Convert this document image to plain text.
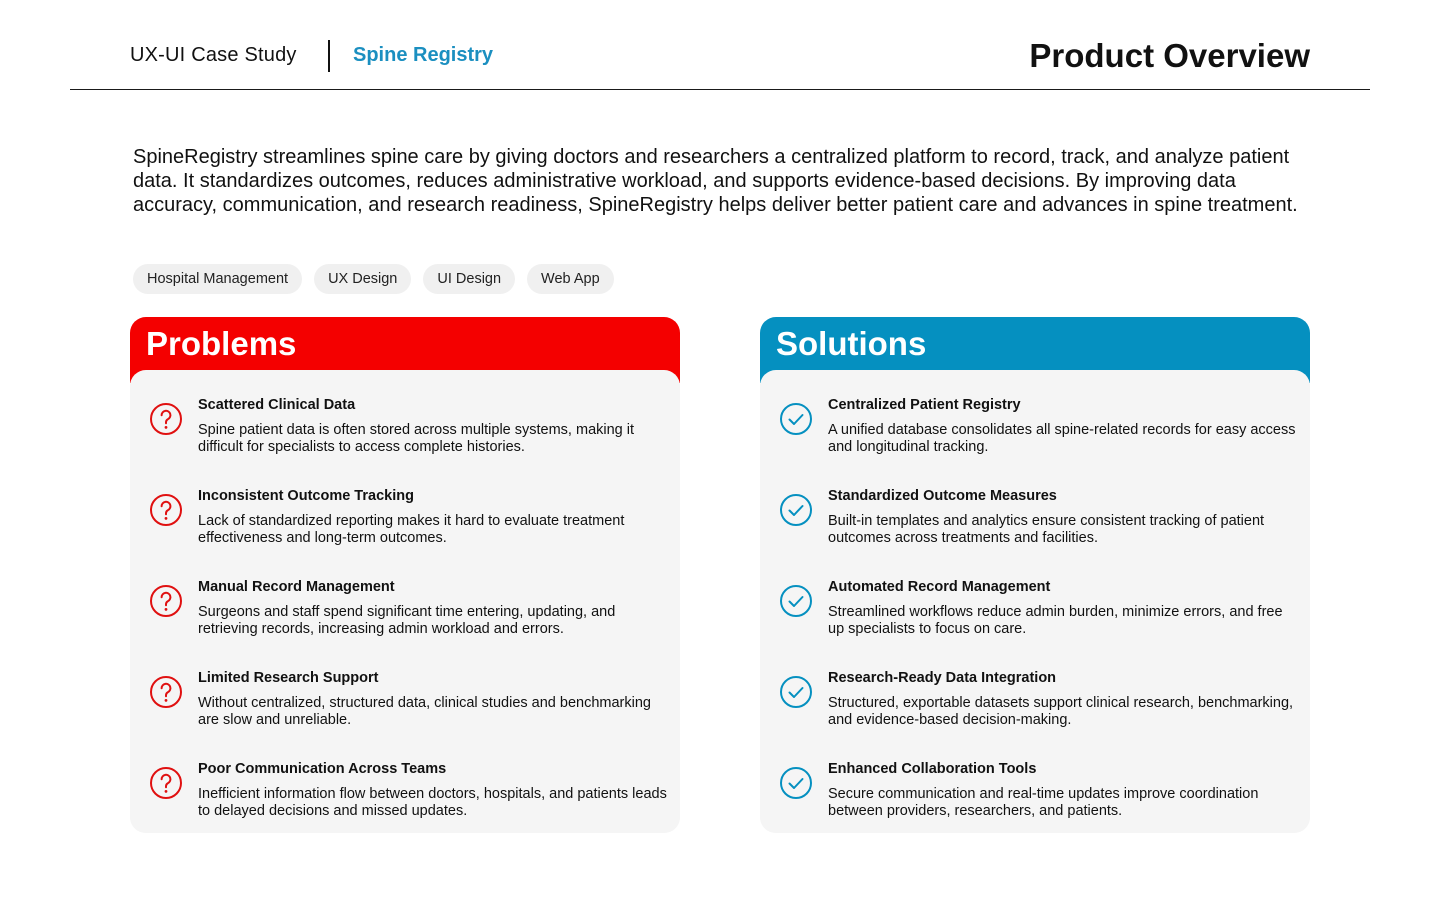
UX-UI Case Study	Spine Registry	Product Overview

SpineRegistry streamlines spine care by giving doctors and researchers a centralized platform to record, track, and analyze patient data. It standardizes outcomes, reduces administrative workload, and supports evidence-based decisions. By improving data accuracy, communication, and research readiness, SpineRegistry helps deliver better patient care and advances in spine treatment.

Hospital Management	UX Design	UI Design	Web App
Problems
Scattered Clinical Data
Spine patient data is often stored across multiple systems, making it difficult for specialists to access complete histories.
Inconsistent Outcome Tracking
Lack of standardized reporting makes it hard to evaluate treatment effectiveness and long-term outcomes.
Manual Record Management
Surgeons and staff spend significant time entering, updating, and retrieving records, increasing admin workload and errors.
Limited Research Support
Without centralized, structured data, clinical studies and benchmarking are slow and unreliable.
Poor Communication Across Teams
Inefficient information flow between doctors, hospitals, and patients leads to delayed decisions and missed updates.
Solutions
Centralized Patient Registry
A unified database consolidates all spine-related records for easy access and longitudinal tracking.
Standardized Outcome Measures
Built-in templates and analytics ensure consistent tracking of patient outcomes across treatments and facilities.
Automated Record Management
Streamlined workflows reduce admin burden, minimize errors, and free up specialists to focus on care.
Research-Ready Data Integration
Structured, exportable datasets support clinical research, benchmarking, and evidence-based decision-making.
Enhanced Collaboration Tools
Secure communication and real-time updates improve coordination between providers, researchers, and patients.
